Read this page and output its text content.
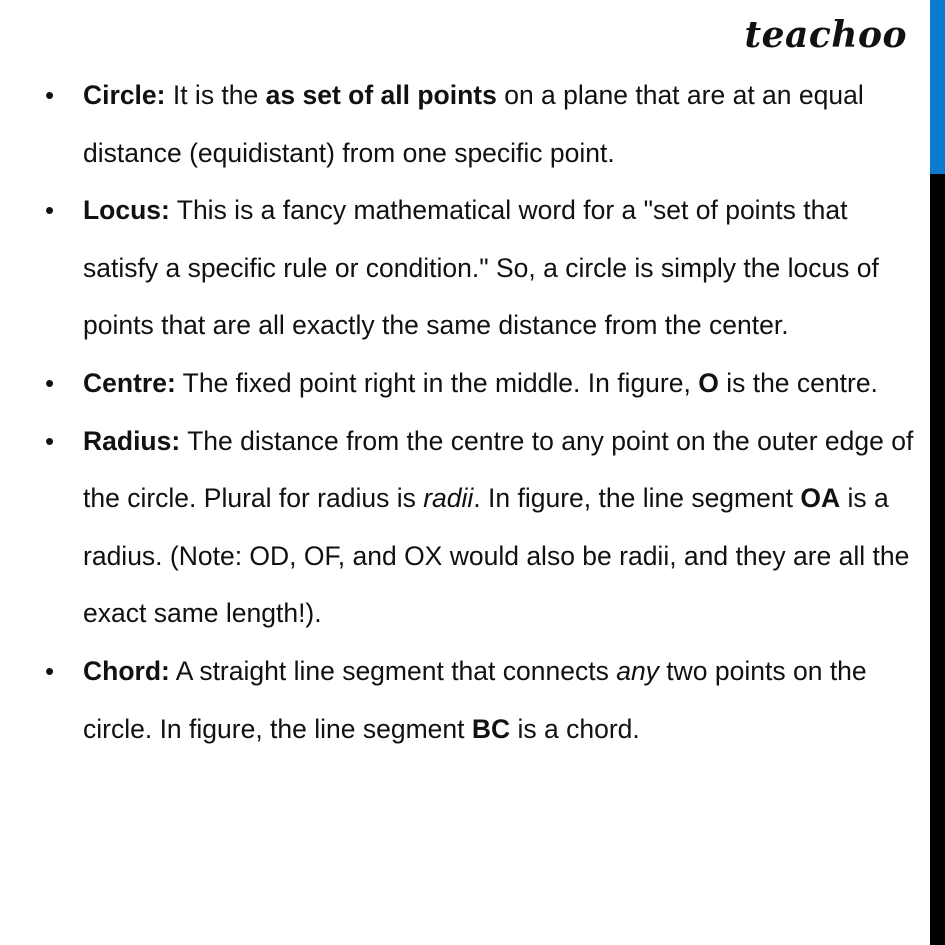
teachoo
• Circle: It is the as set of all points on a plane that are at an equal distance (equidistant) from one specific point.
• Locus: This is a fancy mathematical word for a "set of points that satisfy a specific rule or condition." So, a circle is simply the locus of points that are all exactly the same distance from the center.
• Centre: The fixed point right in the middle. In figure, O is the centre.
• Radius: The distance from the centre to any point on the outer edge of the circle. Plural for radius is radii. In figure, the line segment OA is a radius. (Note: OD, OF, and OX would also be radii, and they are all the exact same length!).
• Chord: A straight line segment that connects any two points on the circle. In figure, the line segment BC is a chord.
